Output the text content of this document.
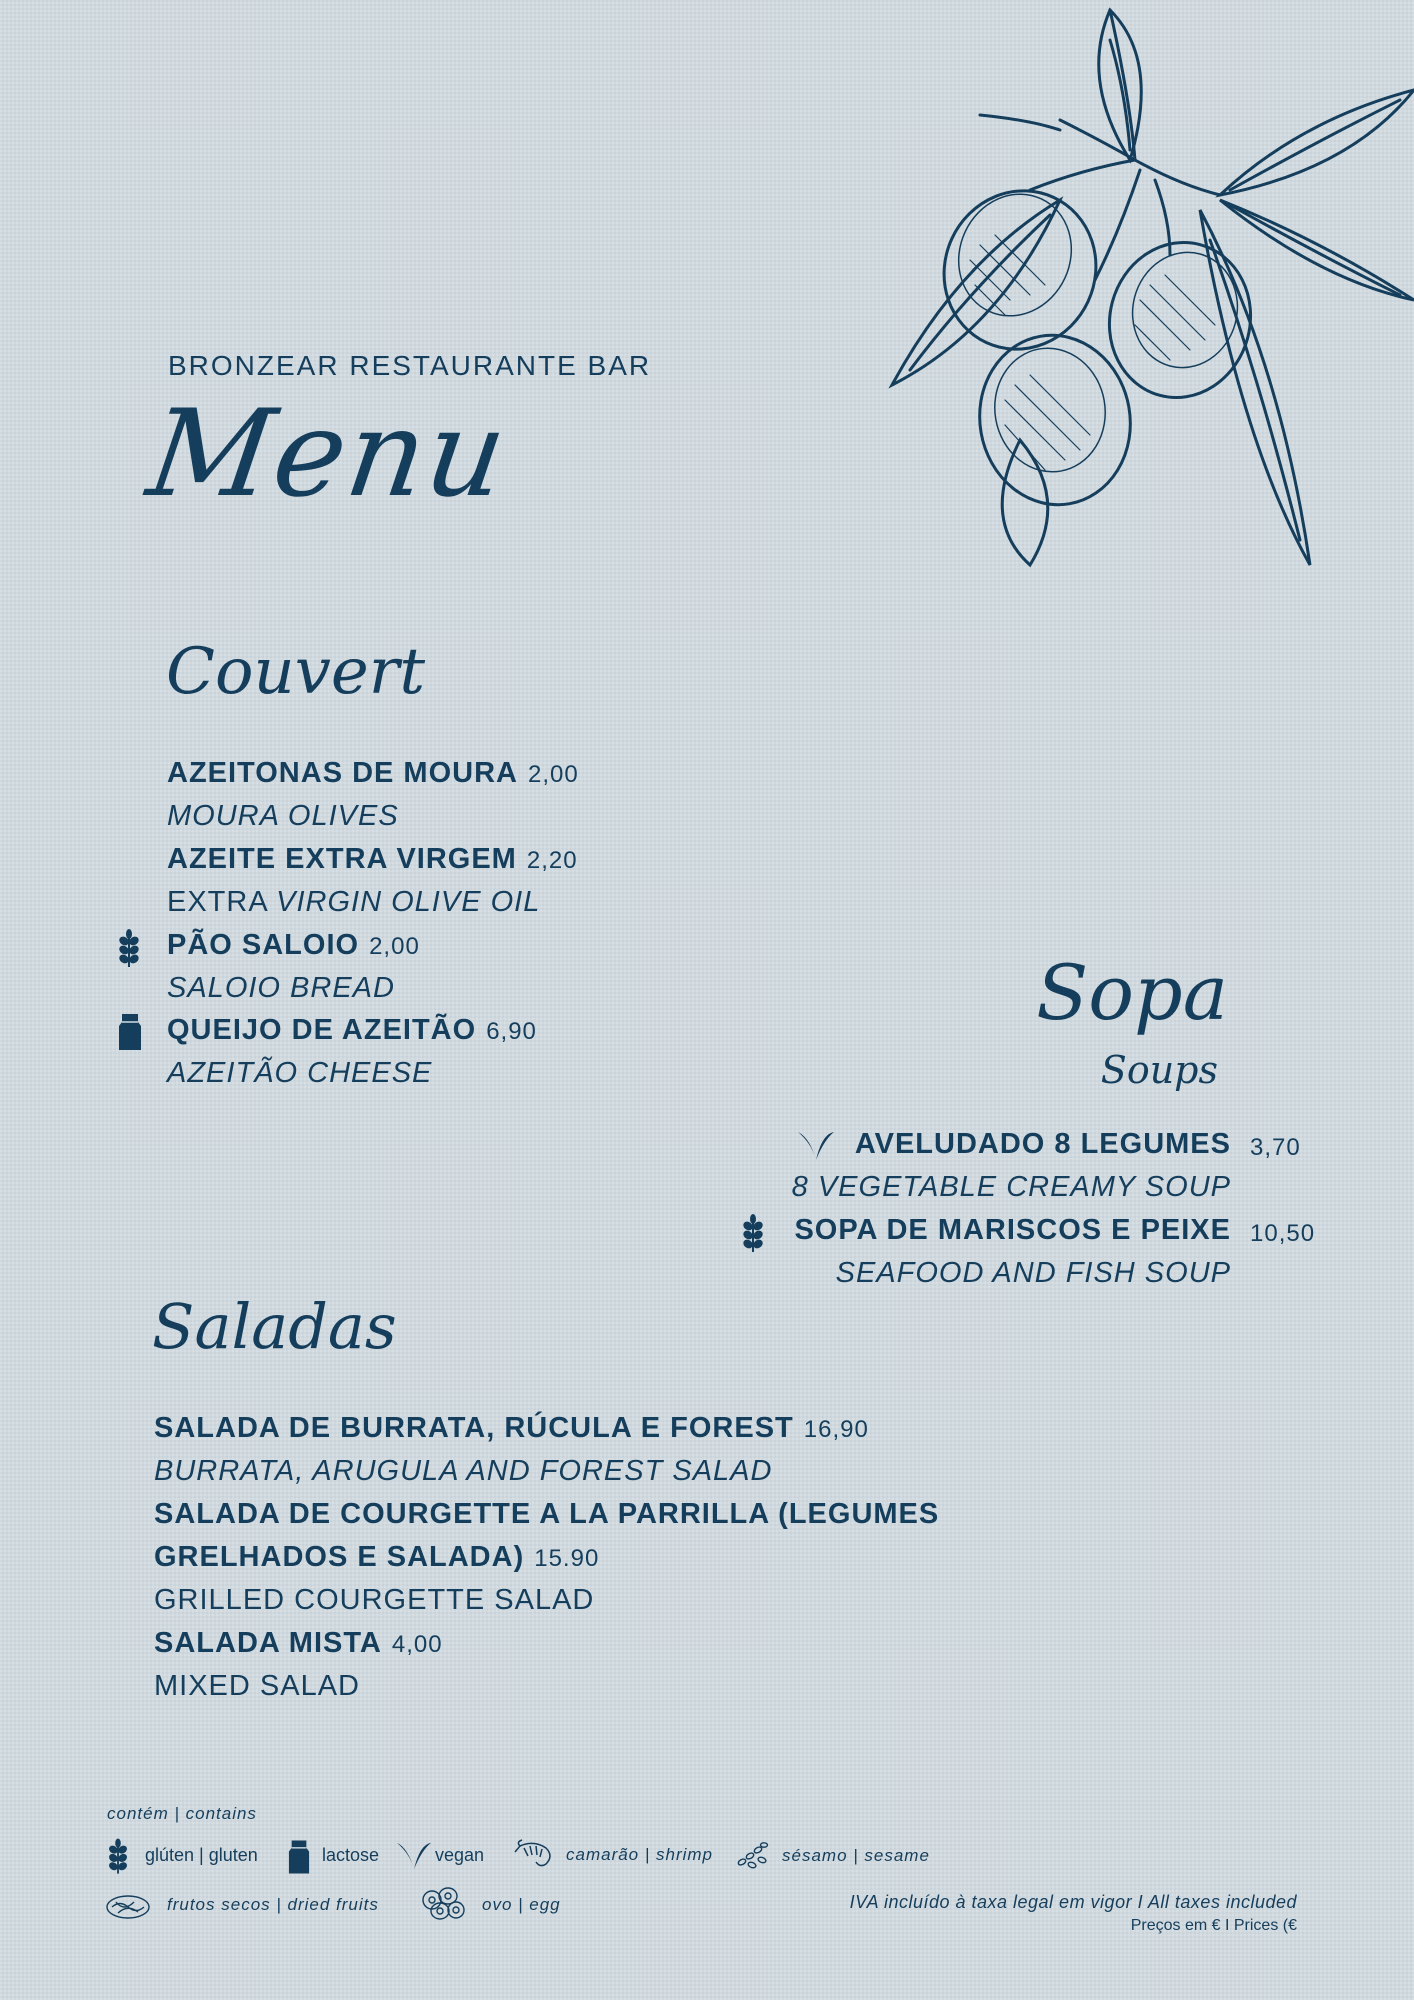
BRONZEAR RESTAURANTE BAR
Menu
Couvert
AZEITONAS DE MOURA 2,00
MOURA OLIVES
AZEITE EXTRA VIRGEM 2,20
EXTRA VIRGIN OLIVE OIL
PÃO SALOIO 2,00
SALOIO BREAD
QUEIJO DE AZEITÃO 6,90
AZEITÃO CHEESE
Sopa
Soups
AVELUDADO 8 LEGUMES 3,70
8 VEGETABLE CREAMY SOUP
SOPA DE MARISCOS E PEIXE 10,50
SEAFOOD AND FISH SOUP
Saladas
SALADA DE BURRATA, RÚCULA E FOREST 16,90
BURRATA, ARUGULA AND FOREST SALAD
SALADA DE COURGETTE A LA PARRILLA (LEGUMES
GRELHADOS E SALADA) 15.90
GRILLED COURGETTE SALAD
SALADA MISTA 4,00
MIXED SALAD
contém | contains
glúten | gluten	lactose	vegan	camarão | shrimp	sésamo | sesame
frutos secos | dried fruits	ovo | egg	IVA incluído à taxa legal em vigor I All taxes included
Preços em € I Prices (€
